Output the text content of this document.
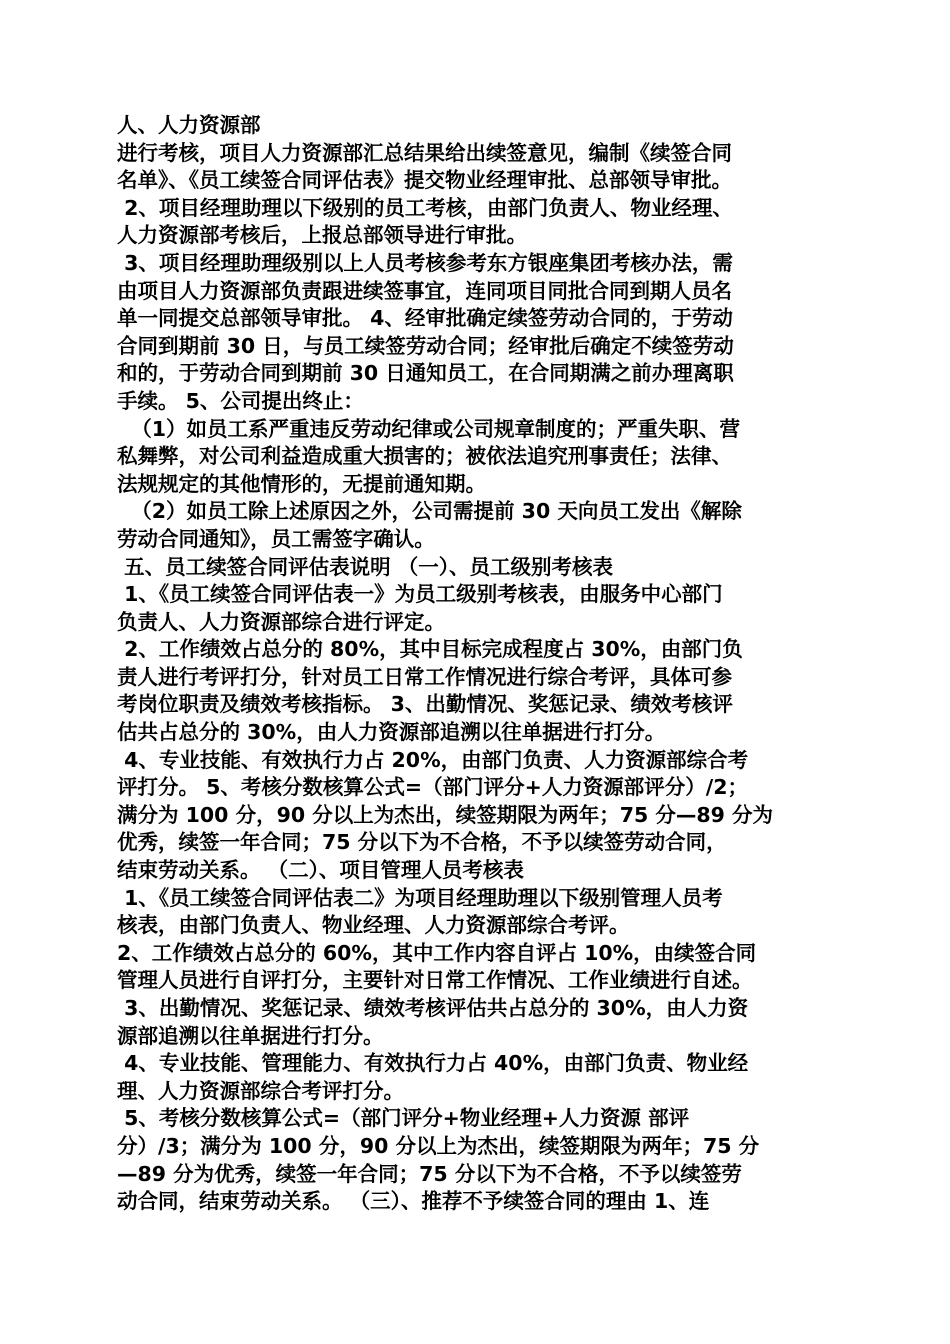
人、人力资源部
进行考核，项目人力资源部汇总结果给出续签意见，编制《续签合同
名单》、《员工续签合同评估表》提交物业经理审批、总部领导审批。
2、项目经理助理以下级别的员工考核，由部门负责人、物业经理、
人力资源部考核后，上报总部领导进行审批。
3、项目经理助理级别以上人员考核参考东方银座集团考核办法，需
由项目人力资源部负责跟进续签事宜，连同项目同批合同到期人员名
单一同提交总部领导审批。 4、经审批确定续签劳动合同的，于劳动
合同到期前 30 日，与员工续签劳动合同；经审批后确定不续签劳动
和的，于劳动合同到期前 30 日通知员工，在合同期满之前办理离职
手续。 5、公司提出终止：
（1）如员工系严重违反劳动纪律或公司规章制度的；严重失职、营
私舞弊，对公司利益造成重大损害的；被依法追究刑事责任；法律、
法规规定的其他情形的，无提前通知期。
（2）如员工除上述原因之外，公司需提前 30 天向员工发出《解除
劳动合同通知》，员工需签字确认。
五、员工续签合同评估表说明 （一）、员工级别考核表
1、《员工续签合同评估表一》为员工级别考核表，由服务中心部门
负责人、人力资源部综合进行评定。
2、工作绩效占总分的 80%，其中目标完成程度占 30%，由部门负
责人进行考评打分，针对员工日常工作情况进行综合考评，具体可参
考岗位职责及绩效考核指标。 3、出勤情况、奖惩记录、绩效考核评
估共占总分的 30%，由人力资源部追溯以往单据进行打分。
4、专业技能、有效执行力占 20%，由部门负责、人力资源部综合考
评打分。 5、考核分数核算公式=（部门评分+人力资源部评分）/2；
满分为 100 分，90 分以上为杰出，续签期限为两年；75 分—89 分为
优秀，续签一年合同；75 分以下为不合格，不予以续签劳动合同，
结束劳动关系。 （二）、项目管理人员考核表
1、《员工续签合同评估表二》为项目经理助理以下级别管理人员考
核表，由部门负责人、物业经理、人力资源部综合考评。
2、工作绩效占总分的 60%，其中工作内容自评占 10%，由续签合同
管理人员进行自评打分，主要针对日常工作情况、工作业绩进行自述。
3、出勤情况、奖惩记录、绩效考核评估共占总分的 30%，由人力资
源部追溯以往单据进行打分。
4、专业技能、管理能力、有效执行力占 40%，由部门负责、物业经
理、人力资源部综合考评打分。
5、考核分数核算公式=（部门评分+物业经理+人力资源 部评
分）/3；满分为 100 分，90 分以上为杰出，续签期限为两年；75 分
—89 分为优秀，续签一年合同；75 分以下为不合格，不予以续签劳
动合同，结束劳动关系。 （三）、推荐不予续签合同的理由 1、连
